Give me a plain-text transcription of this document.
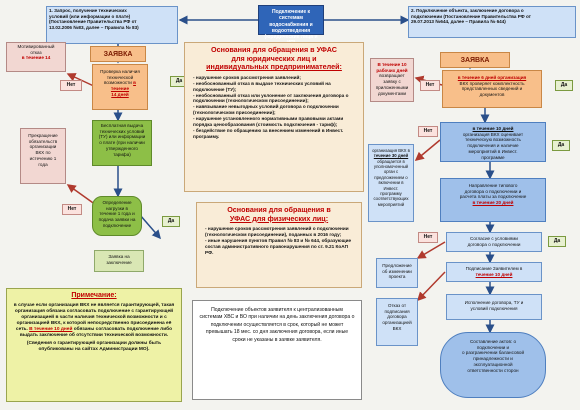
1. Запрос, получение технических
условий (или информации о плате)
(Постановление Правительства РФ от
13.02.2006 №83, далее – Правила № 83)
Подключение к системам
водоснабжения и водоотведения
(юридические лица и
2. Подключение объекта, заключение договора о
подключении (Постановление Правительства РФ от
29.07.2013 №644, далее – Правила № 644)
Мотивированный
отказ
в течение 14	ЗАЯВКА
Проверка наличия
технической
возможности в течение
14 дней
Нет
Да
Бесплатная выдача
технических условий
(ТУ) или информации
о плате (при наличии
утвержденного
тарифа)
Прекращение
обязательств
организации
ВКХ по
истечению 1
года
Определение
нагрузки в
течение 1 года и
подача заявки на
подключение
Нет
Да
Заявка на
заключение
Основания для обращения в УФАС
для юридических лиц и
индивидуальных предпринимателей:
- нарушение сроков рассмотрения заявлений;
- необоснованный отказ в выдаче технических условий на подключение (ТУ);
- необоснованный отказ или уклонение от заключения договора о подключении (технологическом присоединении);
- навязывание невыгодных условий договора о подключении (технологическом присоединении);
- нарушение установленного нормативными правовыми актами порядка ценообразования (стоимость подключения - тариф);
- бездействие по обращению за внесением изменений в Инвест. программу.
Основания для обращения в
УФАС для физических лиц:
- нарушение сроков рассмотрения заявлений о подключении (технологическом присоединении), поданных в 2016 году;
- иные нарушения пунктов Правил № 83 и № 644, образующие состав административного правонарушения по ст. 9.21 КоАП РФ.
Примечание:
в случае если организация ВКХ не является гарантирующей, такая организация обязана согласовать подключение с гарантирующей организацией в части наличия технической возможности и с организацией ВКХ, к которой непосредственно присоединена её сеть. В течение 10 дней обязаны согласовать подключение либо выдать заключение об отсутствии технической возможности.
(Сведения о гарантирующей организации должны быть опубликованы на сайтах Администрации МО).
Подключение объектов заявителя к централизованным системам ХВС и ВО при наличии на день заключения договора о подключении осуществляется в срок, который не может превышать 18 мес. со дня заключения договора, если иные сроки не указаны в заявке заявителя.
В течение 10
рабочих дней
возвращает заявку с
приложенными
документами
ЗАЯВКА
в течение 6 дней организация
ВКХ проверяет комплектность
представленных сведений и
документов
Нет	Да
в течение 10 дней
организация ВКХ оценивает
техническую возможность
подключения и наличие
мероприятий в Инвест.
программе
Нет
Да
организация ВКХ в
течение 30 дней
обращается в
уполномоченный
орган с
предложением о
включении в Инвест.
программу
соответствующих
мероприятий
Направление типового
договора о подключении и
расчета платы за подключение
в течение 20 дней
Согласие с условиями
договора о подключении
Да
Нет
Подписание Заявителем в
течение 10 дней
Предложение
об изменении
проекта
Отказ от
подписания
договора
организацией
ВКХ
Исполнение договора, ТУ и
условий подключения
Составление актов: о
подключении и
о разграничении балансовой
принадлежности и
эксплуатационной
ответственности сторон
